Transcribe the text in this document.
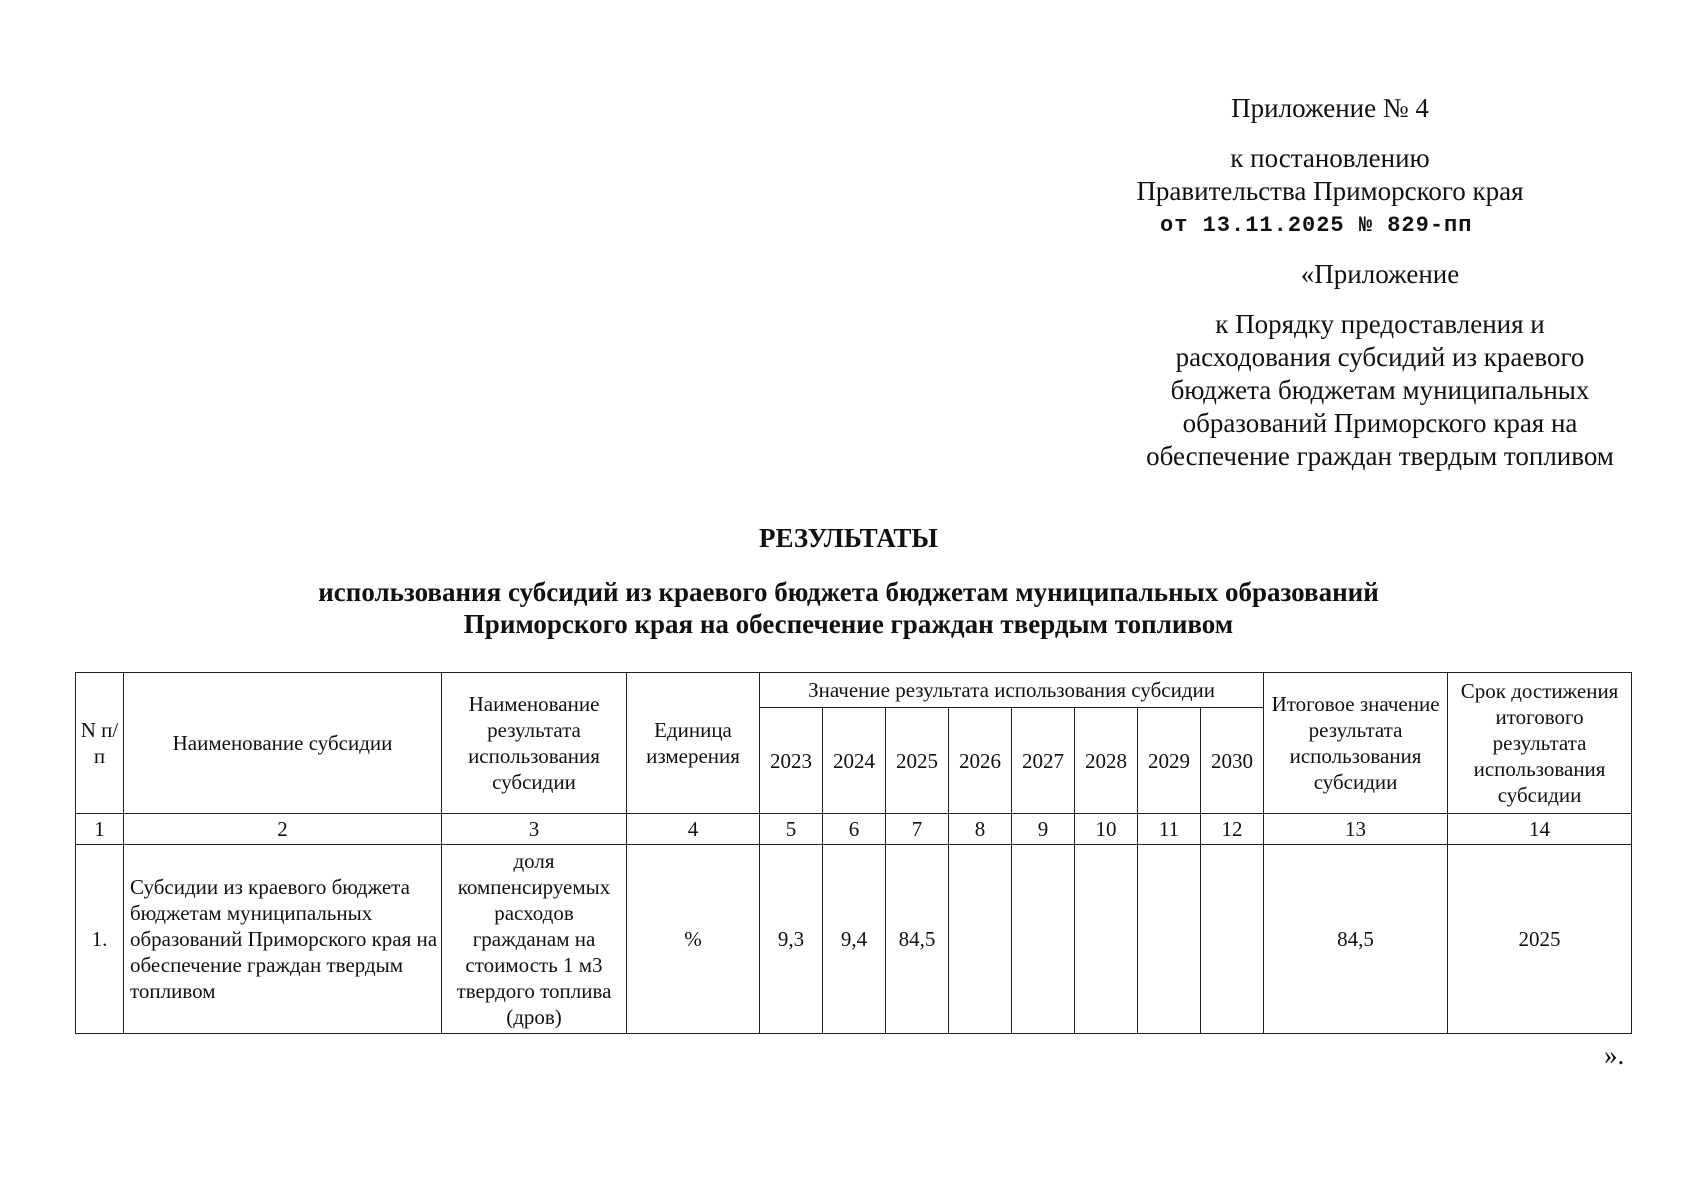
Приложение № 4
к постановлению
Правительства Приморского края
от 13.11.2025 № 829-пп
«Приложение
к Порядку предоставления и
расходования субсидий из краевого
бюджета бюджетам муниципальных
образований Приморского края на
обеспечение граждан твердым топливом
РЕЗУЛЬТАТЫ
использования субсидий из краевого бюджета бюджетам муниципальных образований
Приморского края на обеспечение граждан твердым топливом
N п/п	Наименование субсидии	Наименование результата использования субсидии	Единица измерения	Значение результата использования субсидии								Итоговое значение результата использования субсидии	Срок достижения итогового результата использования субсидии
				2023	2024	2025	2026	2027	2028	2029	2030		
1	2	3	4	5	6	7	8	9	10	11	12	13	14
1.	Субсидии из краевого бюджета бюджетам муниципальных образований Приморского края на обеспечение граждан твердым топливом	доля компенсируемых расходов гражданам на стоимость 1 м3 твердого топлива (дров)	%	9,3	9,4	84,5						84,5	2025
».
